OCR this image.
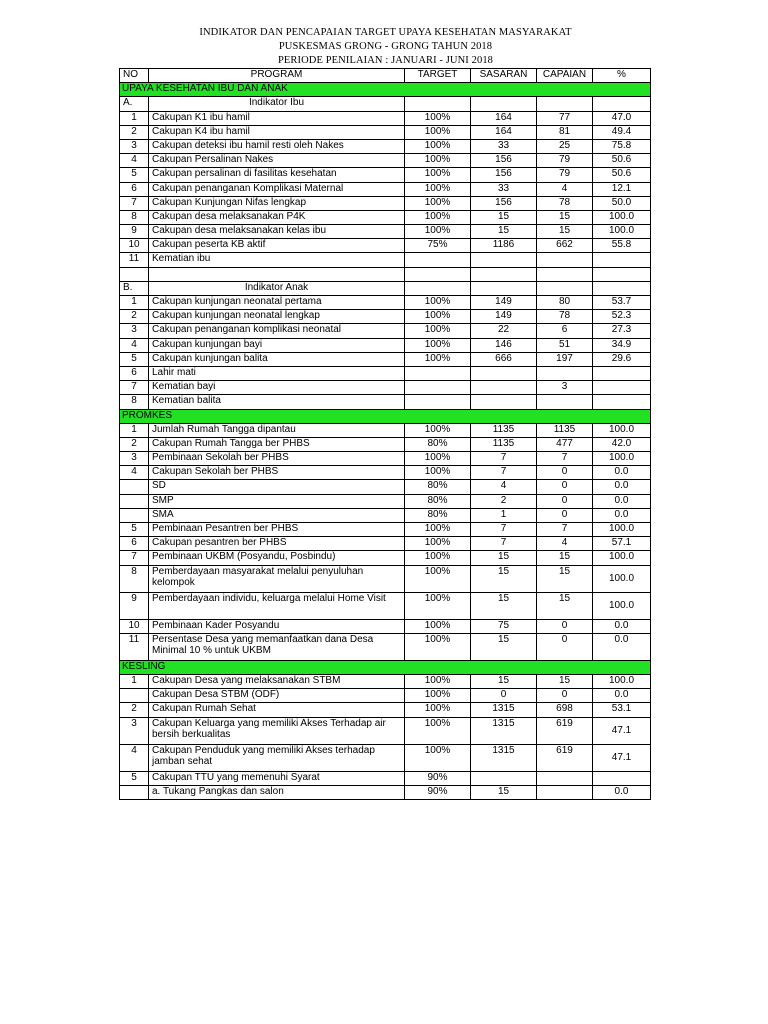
INDIKATOR DAN PENCAPAIAN TARGET UPAYA KESEHATAN MASYARAKAT
PUSKESMAS GRONG - GRONG TAHUN 2018
PERIODE PENILAIAN : JANUARI - JUNI 2018
NO	PROGRAM	TARGET	SASARAN	CAPAIAN	%
UPAYA KESEHATAN IBU DAN ANAK					
A.	Indikator Ibu				
1	Cakupan K1 ibu hamil	100%	164	77	47.0
2	Cakupan K4 ibu hamil	100%	164	81	49.4
3	Cakupan deteksi ibu hamil resti oleh Nakes	100%	33	25	75.8
4	Cakupan Persalinan Nakes	100%	156	79	50.6
5	Cakupan persalinan di fasilitas kesehatan	100%	156	79	50.6
6	Cakupan penanganan Komplikasi Maternal	100%	33	4	12.1
7	Cakupan Kunjungan Nifas lengkap	100%	156	78	50.0
8	Cakupan desa melaksanakan P4K	100%	15	15	100.0
9	Cakupan desa melaksanakan kelas ibu	100%	15	15	100.0
10	Cakupan peserta KB aktif	75%	1186	662	55.8
11	Kematian ibu				

B.	Indikator Anak				
1	Cakupan kunjungan neonatal pertama	100%	149	80	53.7
2	Cakupan kunjungan neonatal lengkap	100%	149	78	52.3
3	Cakupan penanganan komplikasi neonatal	100%	22	6	27.3
4	Cakupan kunjungan bayi	100%	146	51	34.9
5	Cakupan kunjungan balita	100%	666	197	29.6
6	Lahir mati				
7	Kematian bayi			3	
8	Kematian balita				
PROMKES					
1	Jumlah Rumah Tangga dipantau	100%	1135	1135	100.0
2	Cakupan Rumah Tangga ber PHBS	80%	1135	477	42.0
3	Pembinaan Sekolah ber PHBS	100%	7	7	100.0
4	Cakupan Sekolah ber PHBS	100%	7	0	0.0
	SD	80%	4	0	0.0
	SMP	80%	2	0	0.0
	SMA	80%	1	0	0.0
5	Pembinaan Pesantren ber PHBS	100%	7	7	100.0
6	Cakupan pesantren ber PHBS	100%	7	4	57.1
7	Pembinaan UKBM (Posyandu, Posbindu)	100%	15	15	100.0
8	Pemberdayaan masyarakat melalui penyuluhan kelompok	100%	15	15	100.0
9	Pemberdayaan individu, keluarga melalui Home Visit	100%	15	15	100.0
10	Pembinaan Kader Posyandu	100%	75	0	0.0
11	Persentase Desa yang memanfaatkan dana Desa Minimal 10 % untuk UKBM	100%	15	0	0.0
KESLING					
1	Cakupan Desa yang melaksanakan STBM	100%	15	15	100.0
	Cakupan Desa STBM (ODF)	100%	0	0	0.0
2	Cakupan Rumah Sehat	100%	1315	698	53.1
3	Cakupan Keluarga yang memiliki Akses Terhadap air bersih berkualitas	100%	1315	619	47.1
4	Cakupan Penduduk yang memiliki Akses terhadap jamban sehat	100%	1315	619	47.1
5	Cakupan TTU yang memenuhi Syarat	90%			
	a. Tukang Pangkas dan salon	90%	15		0.0
